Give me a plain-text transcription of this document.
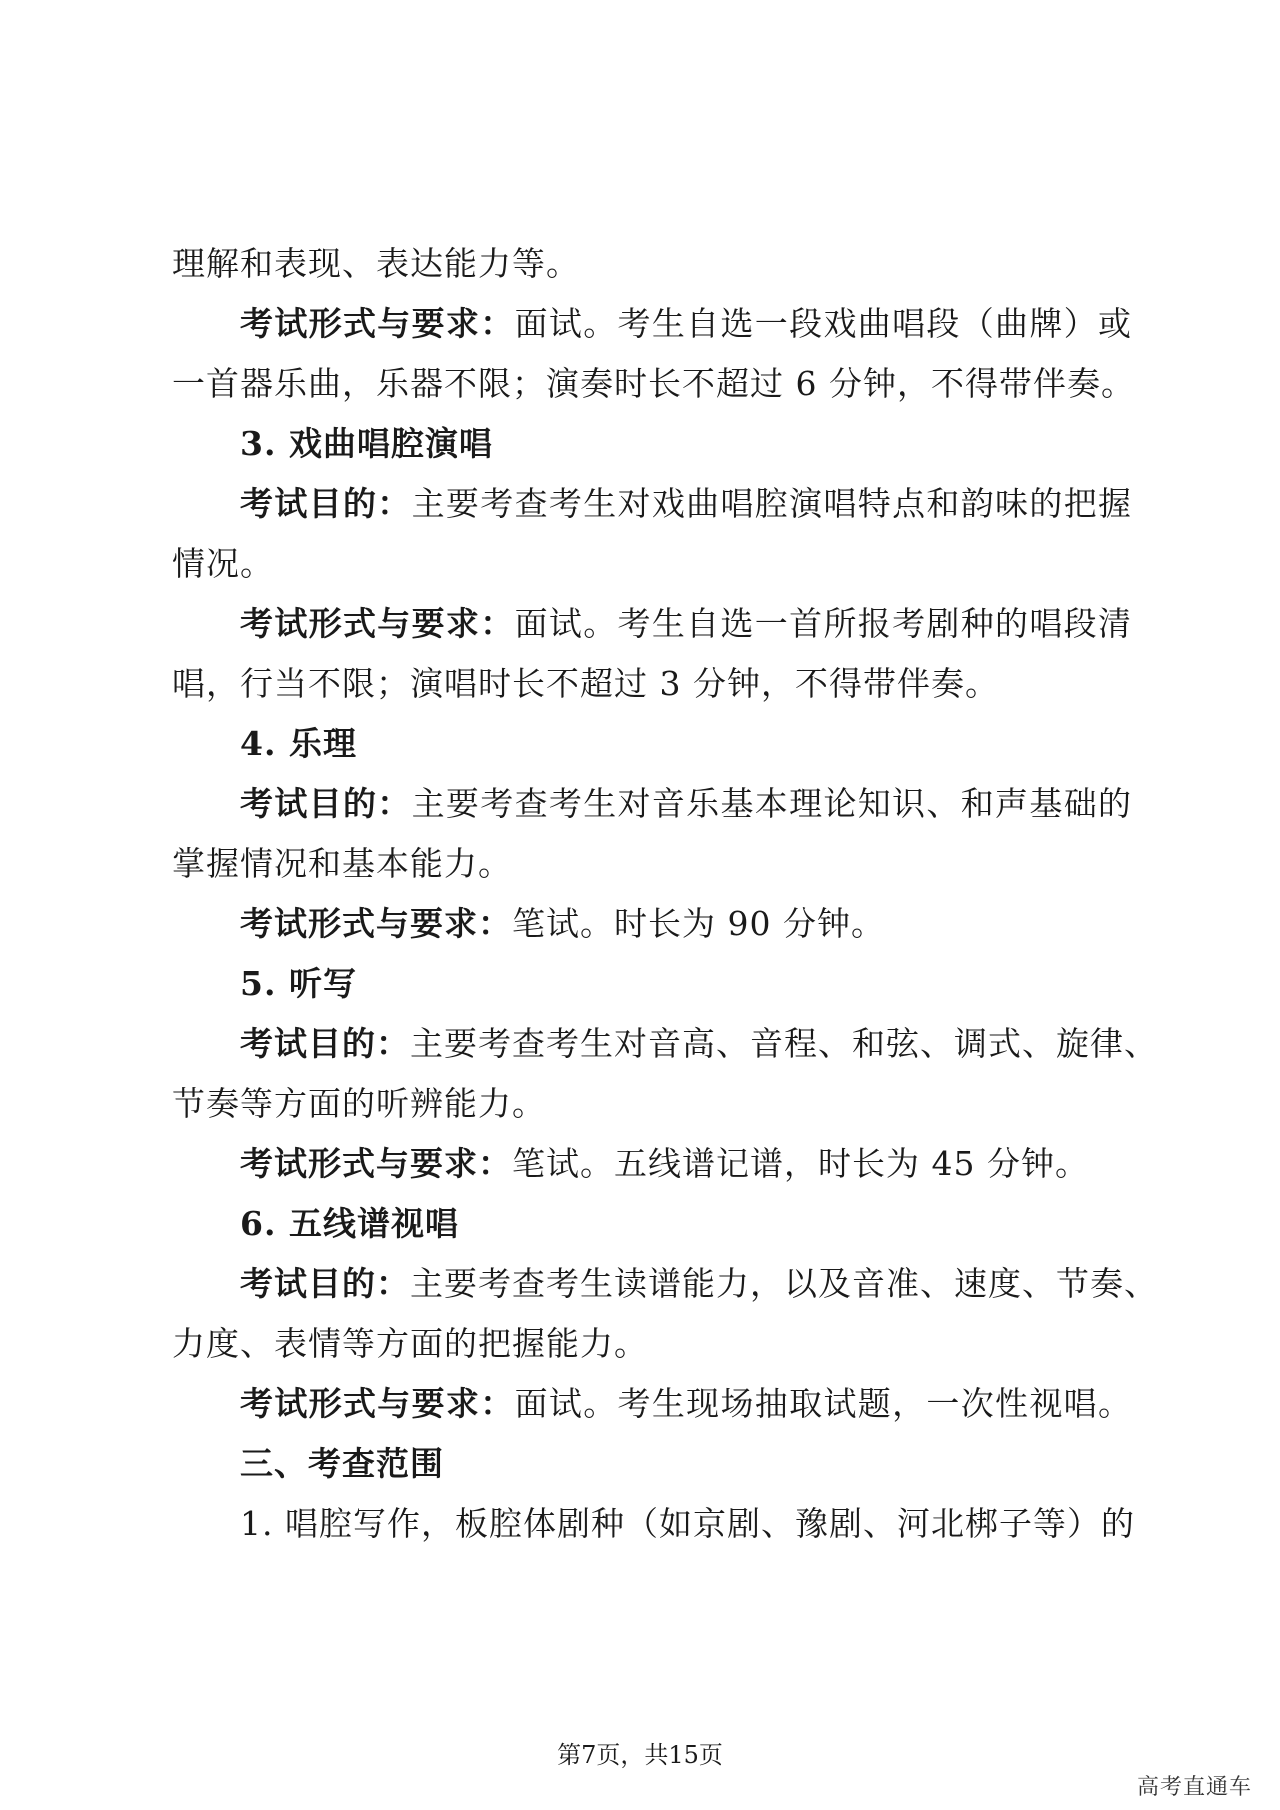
理解和表现、表达能力等。
考试形式与要求：面试。考生自选一段戏曲唱段（曲牌）或
一首器乐曲，乐器不限；演奏时长不超过 6 分钟，不得带伴奏。
3. 戏曲唱腔演唱
考试目的：主要考查考生对戏曲唱腔演唱特点和韵味的把握
情况。
考试形式与要求：面试。考生自选一首所报考剧种的唱段清
唱，行当不限；演唱时长不超过 3 分钟，不得带伴奏。
4. 乐理
考试目的：主要考查考生对音乐基本理论知识、和声基础的
掌握情况和基本能力。
考试形式与要求：笔试。时长为 90 分钟。
5. 听写
考试目的：主要考查考生对音高、音程、和弦、调式、旋律、
节奏等方面的听辨能力。
考试形式与要求：笔试。五线谱记谱，时长为 45 分钟。
6. 五线谱视唱
考试目的：主要考查考生读谱能力，以及音准、速度、节奏、
力度、表情等方面的把握能力。
考试形式与要求：面试。考生现场抽取试题，一次性视唱。
三、考查范围
1. 唱腔写作，板腔体剧种（如京剧、豫剧、河北梆子等）的
第7页，共15页
高考直通车
